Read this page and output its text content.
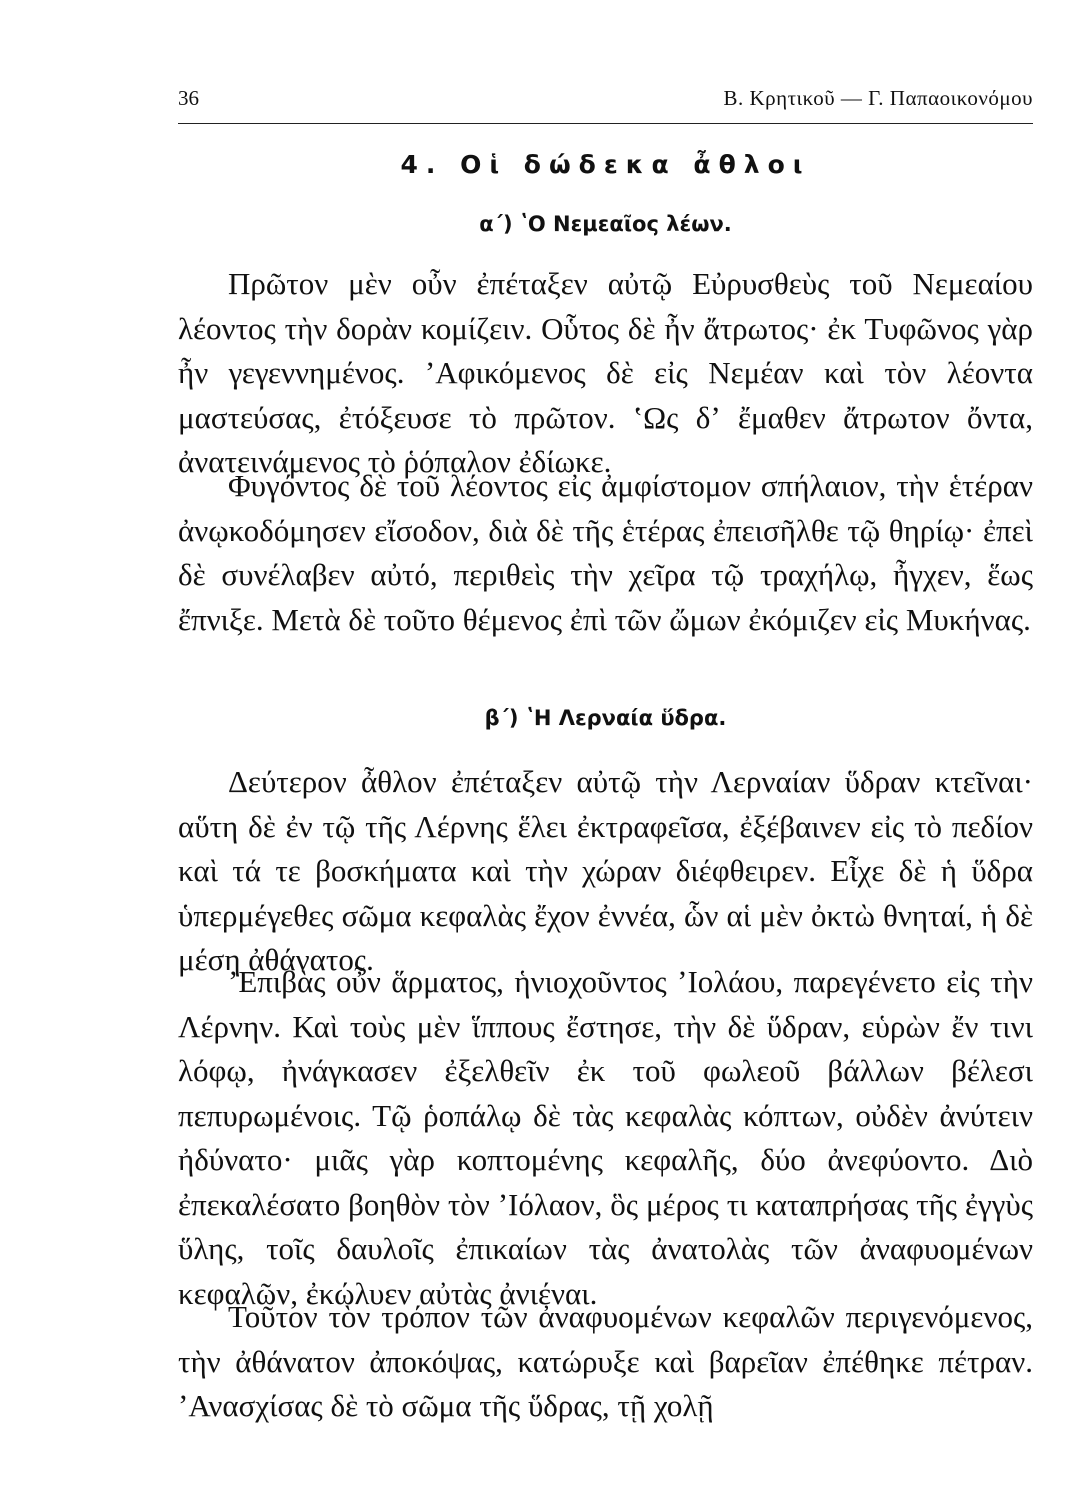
36	Β. Κρητικοῦ — Γ. Παπαοικονόμου
4. Οἱ δώδεκα ἆθλοι
α΄) ʽΟ Νεμεαῖος λέων.

Πρῶτον μὲν οὖν ἐπέταξεν αὐτῷ Εὐρυσθεὺς τοῦ Νεμεαίου λέοντος τὴν δορὰν κομίζειν. Οὗτος δὲ ἦν ἄτρωτος· ἐκ Τυφῶνος γὰρ ἦν γεγεννημένος. ʼΑφικόμενος δὲ εἰς Νεμέαν καὶ τὸν λέοντα μαστεύσας, ἐτόξευσε τὸ πρῶτον. ʽΩς δʼ ἔμαθεν ἄτρωτον ὄντα, ἀνατεινάμενος τὸ ῥόπαλον ἐδίωκε.

Φυγόντος δὲ τοῦ λέοντος εἰς ἀμφίστομον σπήλαιον, τὴν ἑτέραν ἀνῳκοδόμησεν εἴσοδον, διὰ δὲ τῆς ἑτέρας ἐπεισῆλθε τῷ θηρίῳ· ἐπεὶ δὲ συνέλαβεν αὐτό, περιθεὶς τὴν χεῖρα τῷ τραχήλῳ, ἦγχεν, ἕως ἔπνιξε. Μετὰ δὲ τοῦτο θέμενος ἐπὶ τῶν ὤμων ἐκόμιζεν εἰς Μυκήνας.

β΄) ʽΗ Λερναία ὕδρα.

Δεύτερον ἆθλον ἐπέταξεν αὐτῷ τὴν Λερναίαν ὕδραν κτεῖναι· αὕτη δὲ ἐν τῷ τῆς Λέρνης ἕλει ἐκτραφεῖσα, ἐξέβαινεν εἰς τὸ πεδίον καὶ τά τε βοσκήματα καὶ τὴν χώραν διέφθειρεν. Εἶχε δὲ ἡ ὕδρα ὑπερμέγεθες σῶμα κεφαλὰς ἔχον ἐννέα, ὧν αἱ μὲν ὀκτὼ θνηταί, ἡ δὲ μέση ἀθάνατος.

ʼΕπιβὰς οὖν ἅρματος, ἡνιοχοῦντος ʼΙολάου, παρεγένετο εἰς τὴν Λέρνην. Καὶ τοὺς μὲν ἵππους ἔστησε, τὴν δὲ ὕδραν, εὑρὼν ἔν τινι λόφῳ, ἠνάγκασεν ἐξελθεῖν ἐκ τοῦ φωλεοῦ βάλλων βέλεσι πεπυρωμένοις. Τῷ ῥοπάλῳ δὲ τὰς κεφαλὰς κόπτων, οὐδὲν ἀνύτειν ἠδύνατο· μιᾶς γὰρ κοπτομένης κεφαλῆς, δύο ἀνεφύοντο. Διὸ ἐπεκαλέσατο βοηθὸν τὸν ʼΙόλαον, ὃς μέρος τι καταπρήσας τῆς ἐγγὺς ὕλης, τοῖς δαυλοῖς ἐπικαίων τὰς ἀνατολὰς τῶν ἀναφυομένων κεφαλῶν, ἐκώλυεν αὐτὰς ἀνιέναι.

Τοῦτον τὸν τρόπον τῶν ἀναφυομένων κεφαλῶν περιγενόμενος, τὴν ἀθάνατον ἀποκόψας, κατώρυξε καὶ βαρεῖαν ἐπέθηκε πέτραν. ʼΑνασχίσας δὲ τὸ σῶμα τῆς ὕδρας, τῇ χολῇ
